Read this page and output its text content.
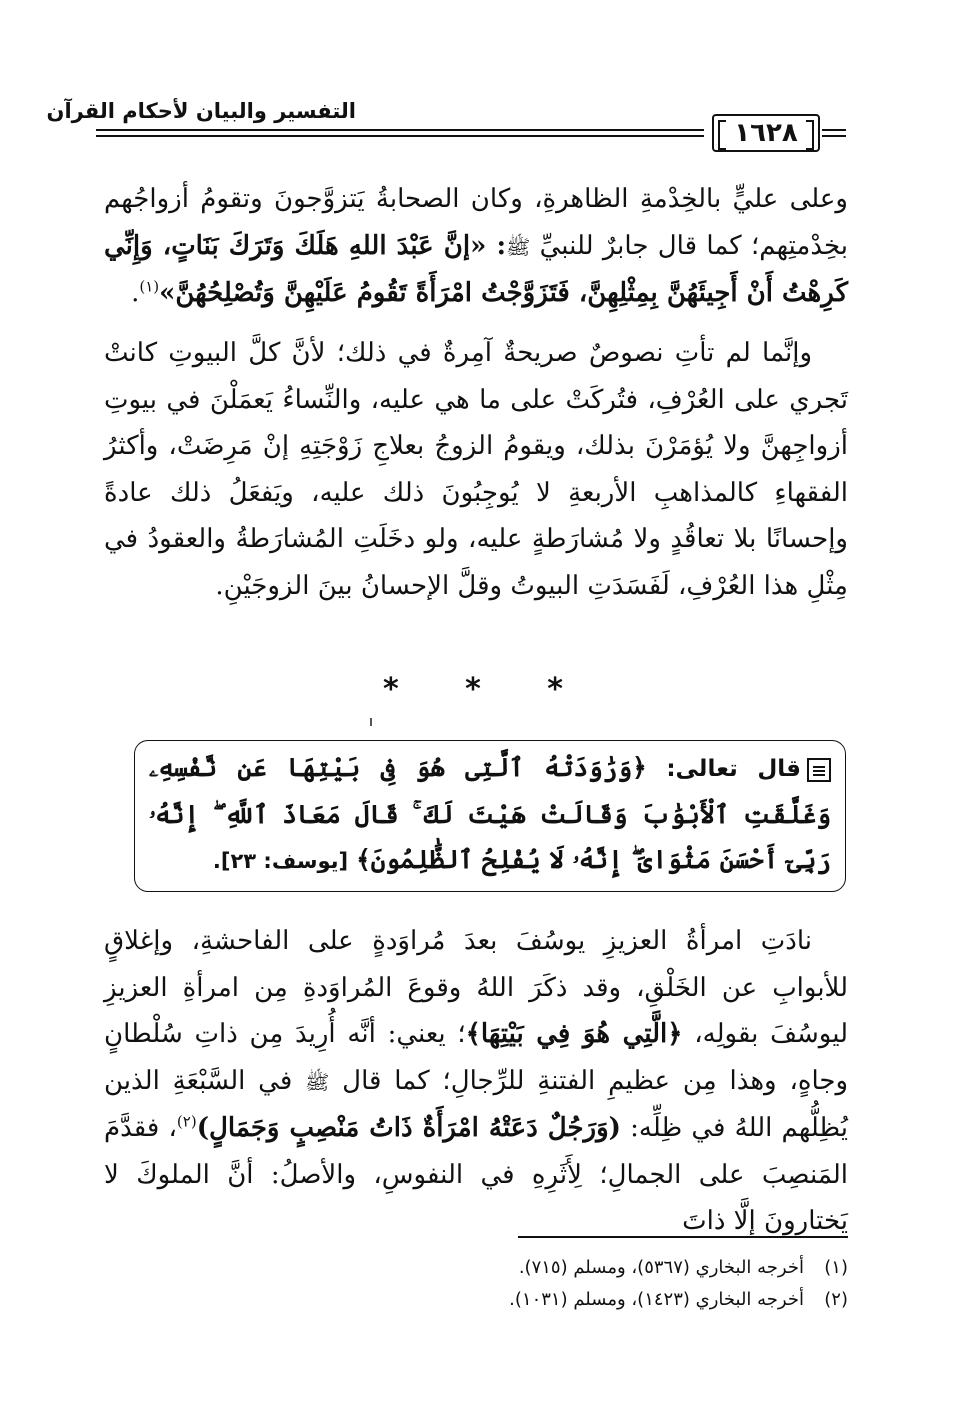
التفسير والبيان لأحكام القرآن
١٦٢٨

وعلى عليٍّ بالخِدْمةِ الظاهرةِ، وكان الصحابةُ يَتزوَّجونَ وتقومُ أزواجُهم بخِدْمتِهم؛ كما قال جابرٌ للنبيِّ ﷺ: «إنَّ عَبْدَ اللهِ هَلَكَ وَتَرَكَ بَنَاتٍ، وَإِنِّي كَرِهْتُ أَنْ أَجِيئَهُنَّ بِمِثْلِهِنَّ، فَتَزَوَّجْتُ امْرَأَةً تَقُومُ عَلَيْهِنَّ وَتُصْلِحُهُنَّ»$^{(١)}$.

وإنَّما لم تأتِ نصوصٌ صريحةٌ آمِرةٌ في ذلك؛ لأنَّ كلَّ البيوتِ كانتْ تَجري على العُرْفِ، فتُركَتْ على ما هي عليه، والنِّساءُ يَعمَلْنَ في بيوتِ أزواجِهنَّ ولا يُؤمَرْنَ بذلك، ويقومُ الزوجُ بعلاجِ زَوْجَتِهِ إنْ مَرِضَتْ، وأكثرُ الفقهاءِ كالمذاهبِ الأربعةِ لا يُوجِبُونَ ذلك عليه، ويَفعَلُ ذلك عادةً وإحسانًا بلا تعاقُدٍ ولا مُشارَطةٍ عليه، ولو دخَلَتِ المُشارَطةُ والعقودُ في مِثْلِ هذا العُرْفِ، لَفَسَدَتِ البيوتُ وقلَّ الإحسانُ بينَ الزوجَيْنِ.

* * *
قال تعالى: ﴿وَرَٰوَدَتْهُ ٱلَّتِى هُوَ فِى بَيْتِهَا عَن نَّفْسِهِۦ وَغَلَّقَتِ ٱلْأَبْوَٰبَ وَقَالَتْ هَيْتَ لَكَ ۚ قَالَ مَعَاذَ ٱللَّهِ ۖ إِنَّهُۥ رَبِّىٓ أَحْسَنَ مَثْوَاىَ ۖ إِنَّهُۥ لَا يُفْلِحُ ٱلظَّٰلِمُونَ﴾ [يوسف: ٢٣].

نادَتِ امرأةُ العزيزِ يوسُفَ بعدَ مُراوَدةٍ على الفاحشةِ، وإغلاقٍ للأبوابِ عن الخَلْقِ، وقد ذكَرَ اللهُ وقوعَ المُراوَدةِ مِن امرأةِ العزيزِ ليوسُفَ بقولِه، ﴿الَّتِي هُوَ فِي بَيْتِهَا﴾؛ يعني: أنَّه أُرِيدَ مِن ذاتِ سُلْطانٍ وجاهٍ، وهذا مِن عظيمِ الفتنةِ للرِّجالِ؛ كما قال ﷺ في السَّبْعَةِ الذين يُظِلُّهم اللهُ في ظِلِّه: (وَرَجُلٌ دَعَتْهُ امْرَأَةٌ ذَاتُ مَنْصِبٍ وَجَمَالٍ)$^{(٢)}$، فقدَّمَ المَنصِبَ على الجمالِ؛ لِأَثَرِهِ في النفوسِ، والأصلُ: أنَّ الملوكَ لا يَختارونَ إلَّا ذاتَ

(١)أخرجه البخاري (٥٣٦٧)، ومسلم (٧١٥).
(٢)أخرجه البخاري (١٤٢٣)، ومسلم (١٠٣١).
